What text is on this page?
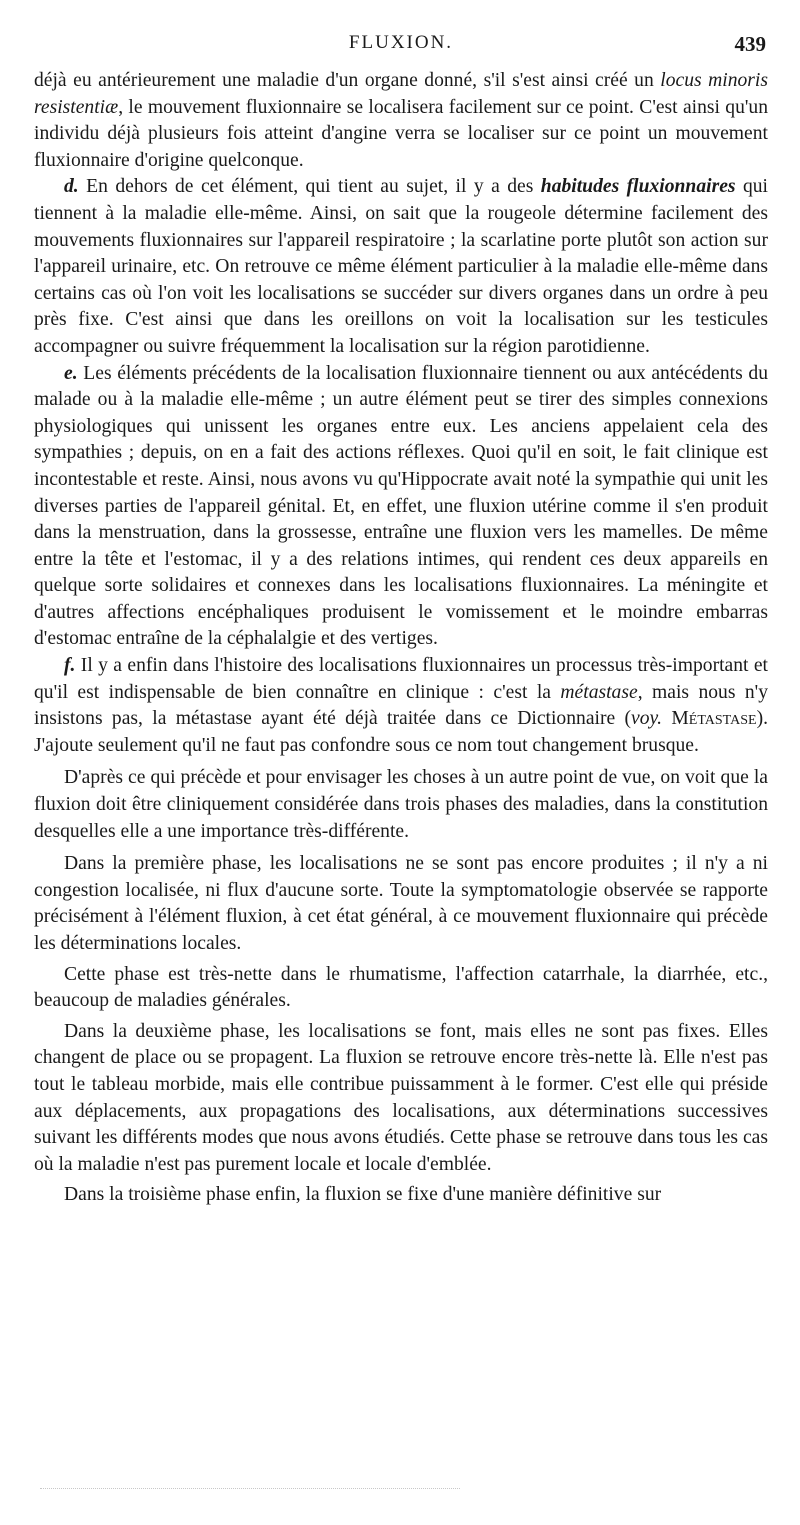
FLUXION.	439

déjà eu antérieurement une maladie d'un organe donné, s'il s'est ainsi créé un locus minoris resistentiæ, le mouvement fluxionnaire se localisera facilement sur ce point. C'est ainsi qu'un individu déjà plusieurs fois atteint d'angine verra se localiser sur ce point un mouvement fluxionnaire d'origine quelconque.

d. En dehors de cet élément, qui tient au sujet, il y a des habitudes fluxionnaires qui tiennent à la maladie elle-même. Ainsi, on sait que la rougeole détermine facilement des mouvements fluxionnaires sur l'appareil respiratoire ; la scarlatine porte plutôt son action sur l'appareil urinaire, etc. On retrouve ce même élément particulier à la maladie elle-même dans certains cas où l'on voit les localisations se succéder sur divers organes dans un ordre à peu près fixe. C'est ainsi que dans les oreillons on voit la localisation sur les testicules accompagner ou suivre fréquemment la localisation sur la région parotidienne.

e. Les éléments précédents de la localisation fluxionnaire tiennent ou aux antécédents du malade ou à la maladie elle-même ; un autre élément peut se tirer des simples connexions physiologiques qui unissent les organes entre eux. Les anciens appelaient cela des sympathies ; depuis, on en a fait des actions réflexes. Quoi qu'il en soit, le fait clinique est incontestable et reste. Ainsi, nous avons vu qu'Hippocrate avait noté la sympathie qui unit les diverses parties de l'appareil génital. Et, en effet, une fluxion utérine comme il s'en produit dans la menstruation, dans la grossesse, entraîne une fluxion vers les mamelles. De même entre la tête et l'estomac, il y a des relations intimes, qui rendent ces deux appareils en quelque sorte solidaires et connexes dans les localisations fluxionnaires. La méningite et d'autres affections encéphaliques produisent le vomissement et le moindre embarras d'estomac entraîne de la céphalalgie et des vertiges.

f. Il y a enfin dans l'histoire des localisations fluxionnaires un processus très-important et qu'il est indispensable de bien connaître en clinique : c'est la métastase, mais nous n'y insistons pas, la métastase ayant été déjà traitée dans ce Dictionnaire (voy. Métastase). J'ajoute seulement qu'il ne faut pas confondre sous ce nom tout changement brusque.

D'après ce qui précède et pour envisager les choses à un autre point de vue, on voit que la fluxion doit être cliniquement considérée dans trois phases des maladies, dans la constitution desquelles elle a une importance très-différente.

Dans la première phase, les localisations ne se sont pas encore produites ; il n'y a ni congestion localisée, ni flux d'aucune sorte. Toute la symptomatologie observée se rapporte précisément à l'élément fluxion, à cet état général, à ce mouvement fluxionnaire qui précède les déterminations locales.

Cette phase est très-nette dans le rhumatisme, l'affection catarrhale, la diarrhée, etc., beaucoup de maladies générales.

Dans la deuxième phase, les localisations se font, mais elles ne sont pas fixes. Elles changent de place ou se propagent. La fluxion se retrouve encore très-nette là. Elle n'est pas tout le tableau morbide, mais elle contribue puissamment à le former. C'est elle qui préside aux déplacements, aux propagations des localisations, aux déterminations successives suivant les différents modes que nous avons étudiés. Cette phase se retrouve dans tous les cas où la maladie n'est pas purement locale et locale d'emblée.

Dans la troisième phase enfin, la fluxion se fixe d'une manière définitive sur
